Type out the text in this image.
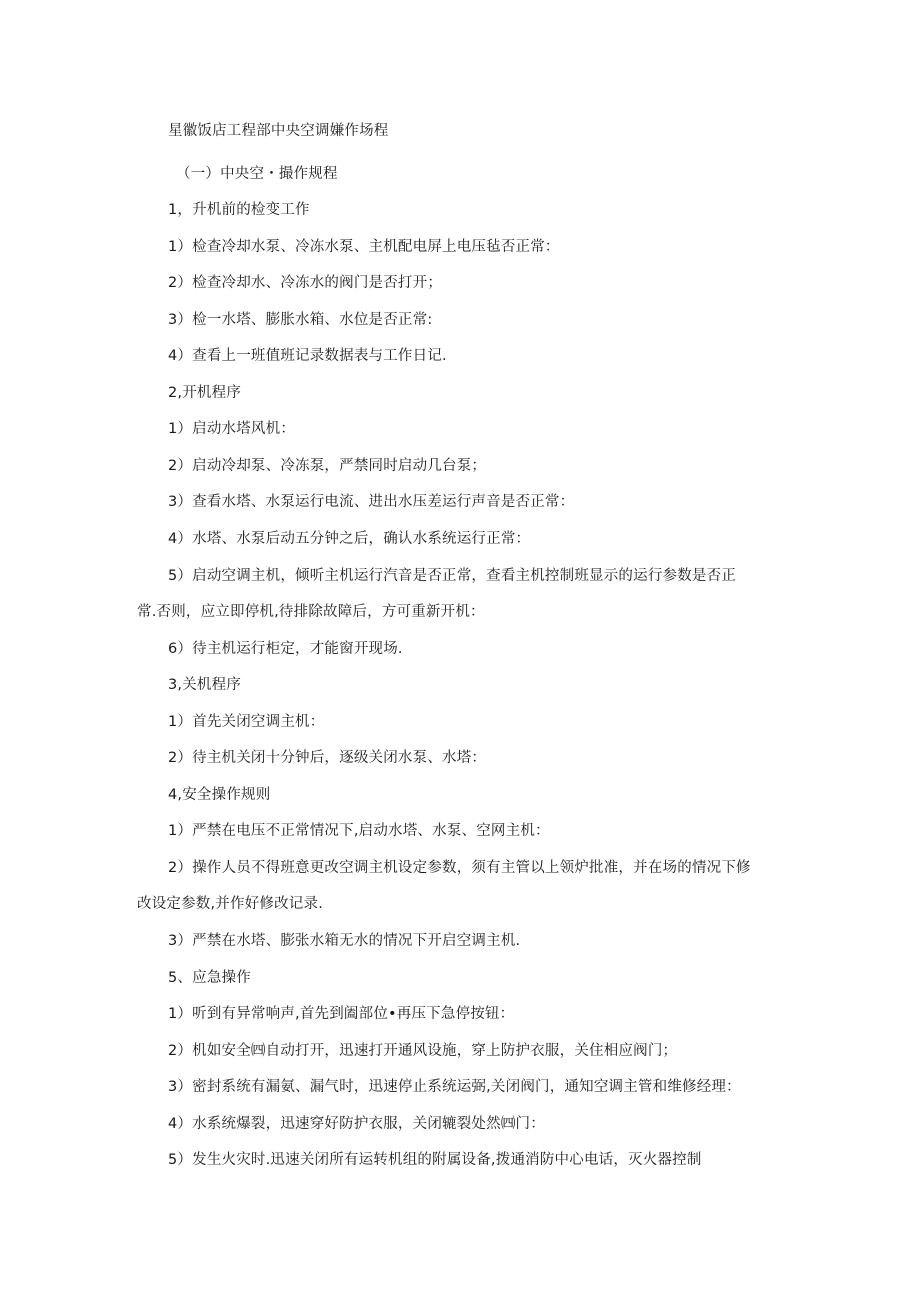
星徽饭店工程部中央空调嫌作场程
（一）中央空・撮作规程
1，升机前的检变工作
1）检查冷却水泵、冷冻水泵、主机配电屏上电压毡否正常：
2）检查冷却水、冷冻水的阀门是否打开；
3）检一水塔、膨胀水箱、水位是否正常:
4）查看上一班值班记录数据表与工作日记.
2,开机程序
1）启动水塔风机：
2）启动冷却泵、冷冻泵，严禁同时启动几台泵；
3）查看水塔、水泵运行电流、进出水压差运行声音是否正常：
4）水塔、水泵后动五分钟之后，确认水系统运行正常：
5）启动空调主机，倾听主机运行汽音是否正常，查看主机控制班显示的运行参数是否正
常.否则，应立即停机,待排除故障后，方可重新开机：
6）待主机运行柜定，才能窗开现场.
3,关机程序
1）首先关闭空调主机：
2）待主机关闭十分钟后，逐级关闭水泵、水塔：
4,安全操作规则
1）严禁在电压不正常情况下,启动水塔、水泵、空网主机：
2）操作人员不得班意更改空调主机设定参数，须有主管以上领炉批准，并在场的情况下修
改设定参数,并作好修改记录.
3）严禁在水塔、膨张水箱无水的情况下开启空调主机.
5、应急操作
1）听到有异常响声,首先到阖部位•再压下急停按钮：
2）机如安全㈣自动打开，迅速打开通风设施，穿上防护衣服，关住相应阀门；
3）密封系统有漏氨、漏气时，迅速停止系统运弼,关闭阀门，通知空调主管和维修经理：
4）水系统爆裂，迅速穿好防护衣服，关闭辘裂处然㈣门：
5）发生火灾时.迅速关闭所有运转机组的附属设备,拨通消防中心电话，灭火器控制
